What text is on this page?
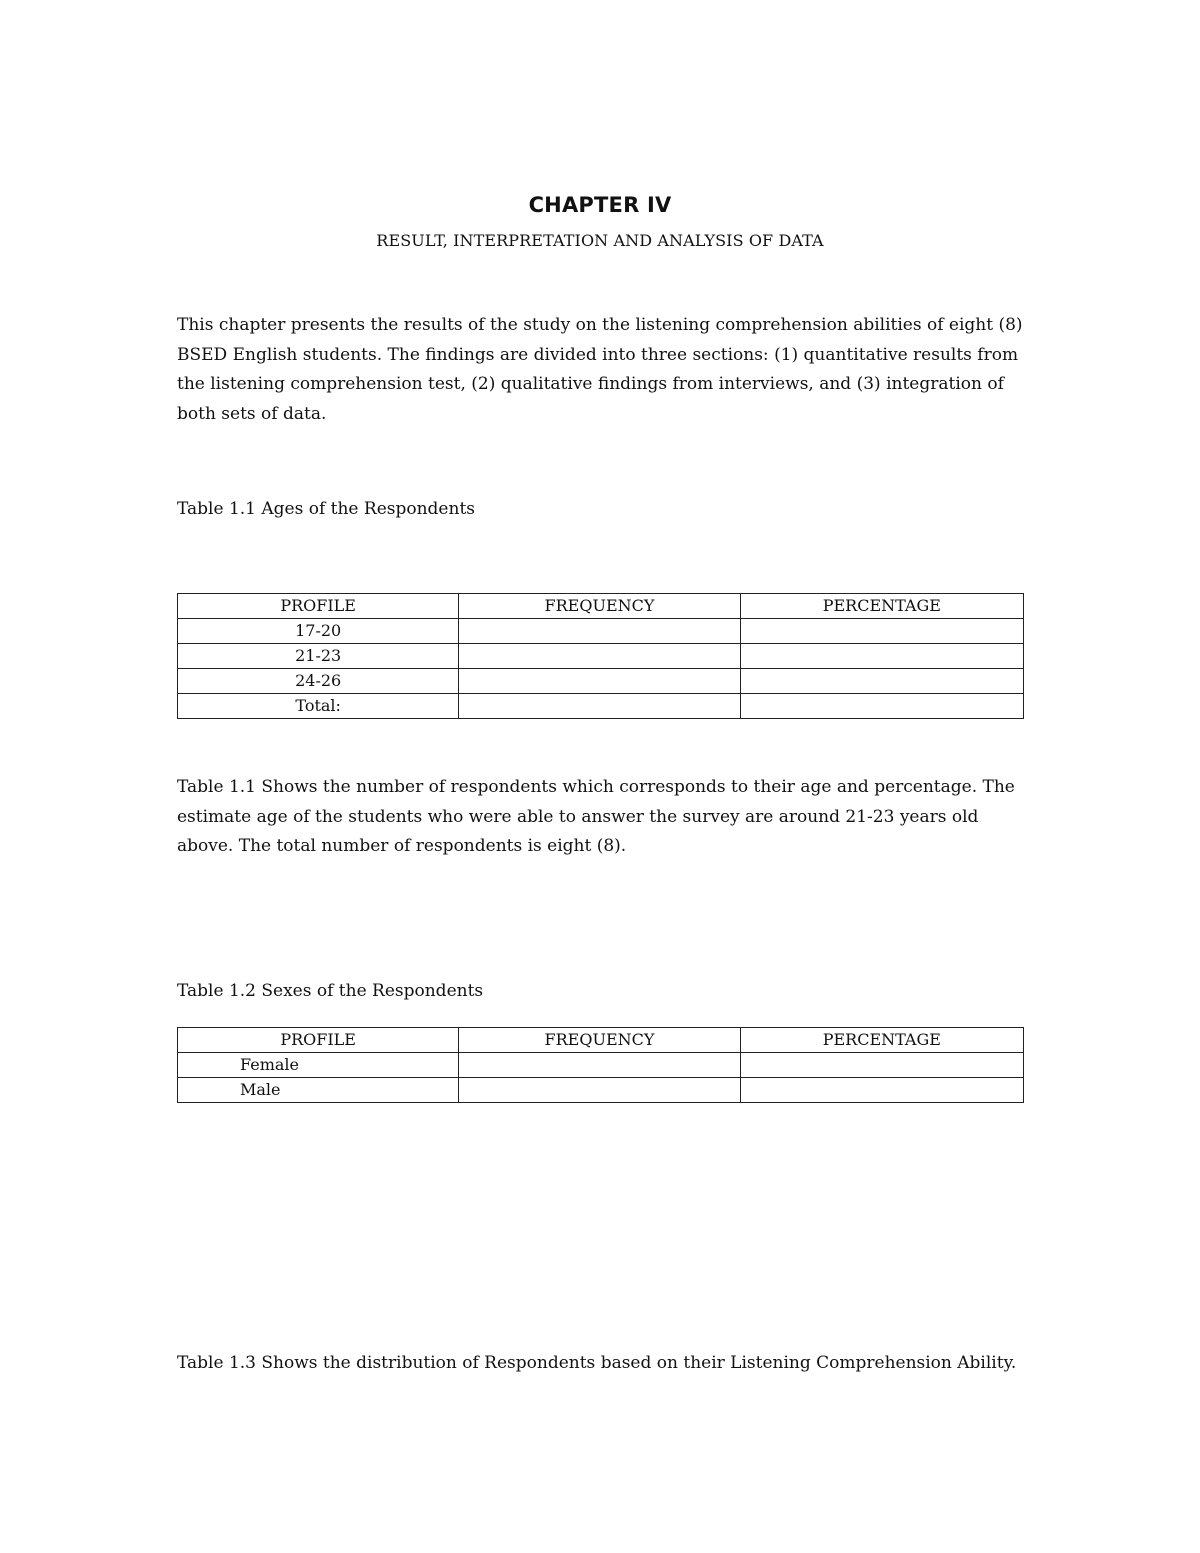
CHAPTER IV
RESULT, INTERPRETATION AND ANALYSIS OF DATA
This chapter presents the results of the study on the listening comprehension abilities of eight (8) BSED English students. The findings are divided into three sections: (1) quantitative results from the listening comprehension test, (2) qualitative findings from interviews, and (3) integration of both sets of data.
Table 1.1 Ages of the Respondents
PROFILE	FREQUENCY	PERCENTAGE
17-20		
21-23		
24-26		
Total:		
Table 1.1 Shows the number of respondents which corresponds to their age and percentage. The estimate age of the students who were able to answer the survey are around 21-23 years old above. The total number of respondents is eight (8).
Table 1.2 Sexes of the Respondents
PROFILE	FREQUENCY	PERCENTAGE
Female		
Male		
Table 1.3 Shows the distribution of Respondents based on their Listening Comprehension Ability.
